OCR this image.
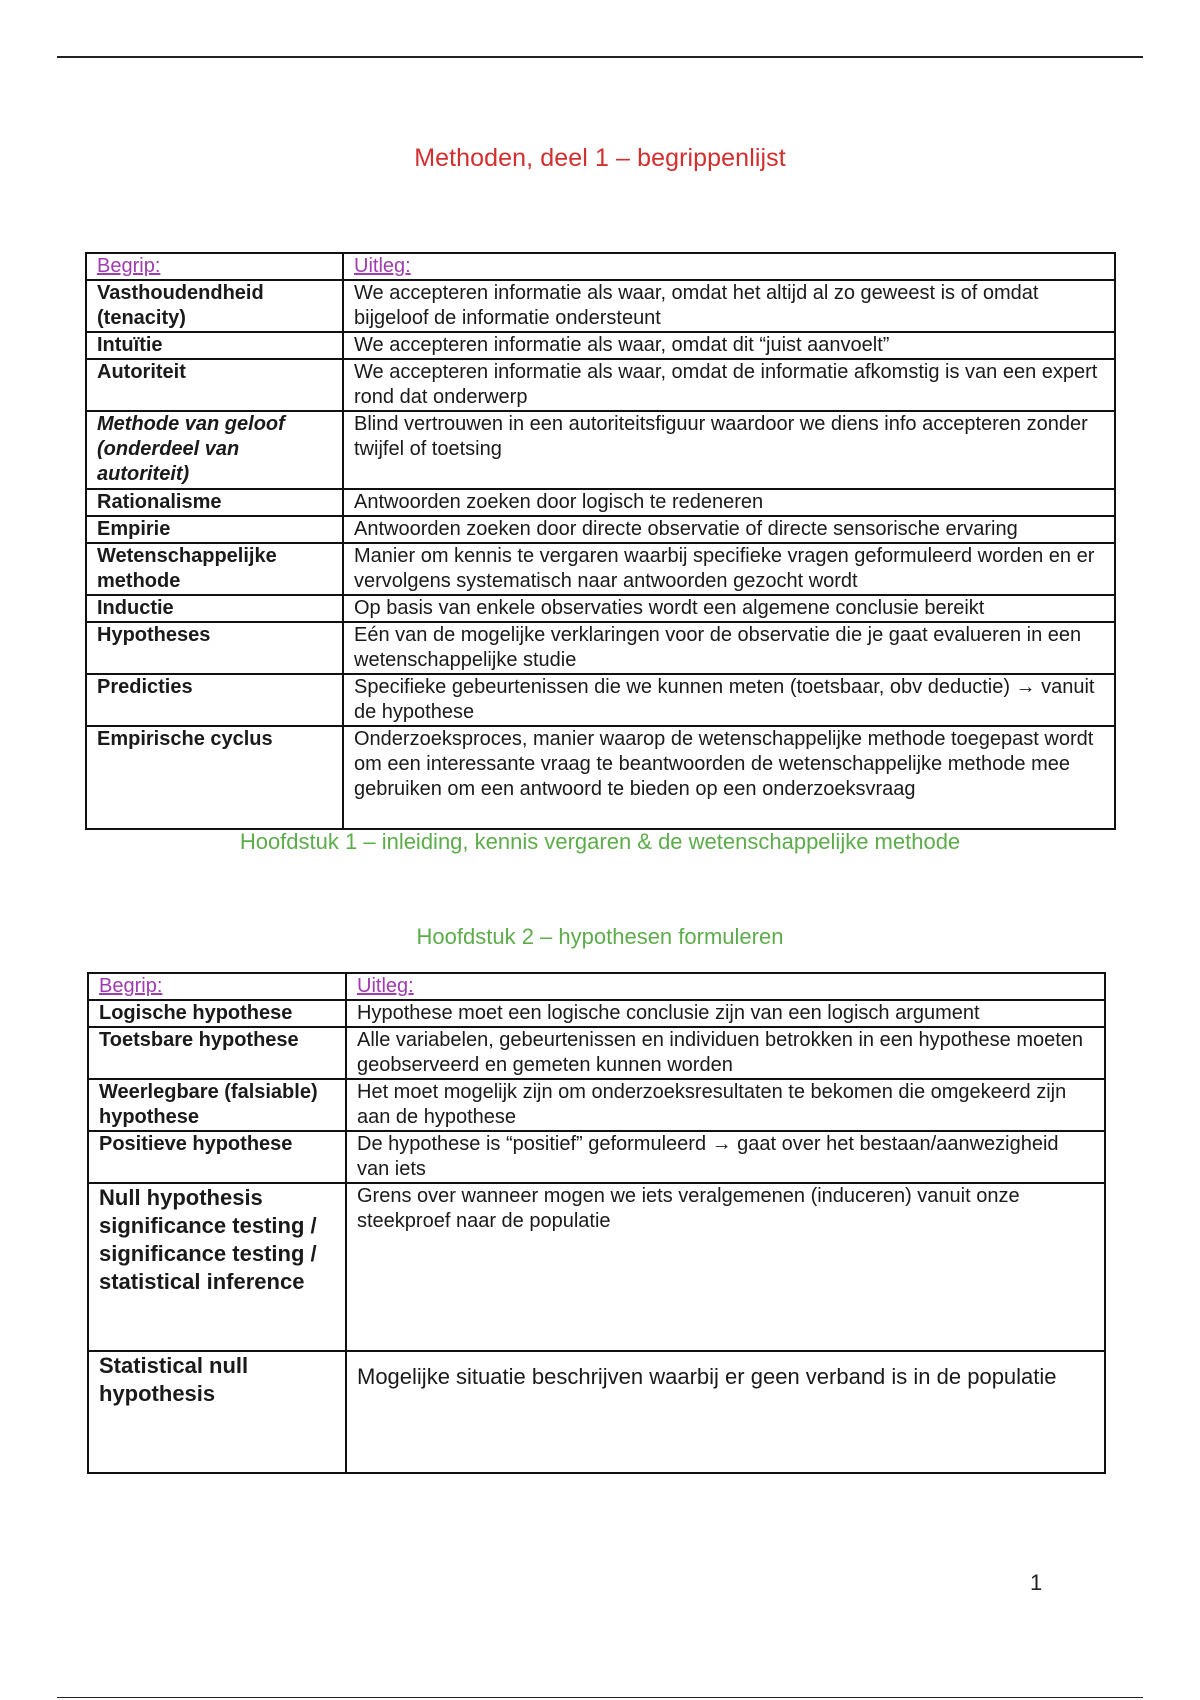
Methoden, deel 1 – begrippenlijst
Begrip:	Uitleg:
Vasthoudendheid (tenacity)	We accepteren informatie als waar, omdat het altijd al zo geweest is of omdat bijgeloof de informatie ondersteunt
Intuïtie	We accepteren informatie als waar, omdat dit “juist aanvoelt”
Autoriteit	We accepteren informatie als waar, omdat de informatie afkomstig is van een expert rond dat onderwerp
Methode van geloof (onderdeel van autoriteit)	Blind vertrouwen in een autoriteitsfiguur waardoor we diens info accepteren zonder twijfel of toetsing
Rationalisme	Antwoorden zoeken door logisch te redeneren
Empirie	Antwoorden zoeken door directe observatie of directe sensorische ervaring
Wetenschappelijke methode	Manier om kennis te vergaren waarbij specifieke vragen geformuleerd worden en er vervolgens systematisch naar antwoorden gezocht wordt
Inductie	Op basis van enkele observaties wordt een algemene conclusie bereikt
Hypotheses	Eén van de mogelijke verklaringen voor de observatie die je gaat evalueren in een wetenschappelijke studie
Predicties	Specifieke gebeurtenissen die we kunnen meten (toetsbaar, obv deductie) → vanuit de hypothese
Empirische cyclus	Onderzoeksproces, manier waarop de wetenschappelijke methode toegepast wordt om een interessante vraag te beantwoorden de wetenschappelijke methode mee gebruiken om een antwoord te bieden op een onderzoeksvraag
Hoofdstuk 1 – inleiding, kennis vergaren & de wetenschappelijke methode
Hoofdstuk 2 – hypothesen formuleren
Begrip:	Uitleg:
Logische hypothese	Hypothese moet een logische conclusie zijn van een logisch argument
Toetsbare hypothese	Alle variabelen, gebeurtenissen en individuen betrokken in een hypothese moeten geobserveerd en gemeten kunnen worden
Weerlegbare (falsiable) hypothese	Het moet mogelijk zijn om onderzoeksresultaten te bekomen die omgekeerd zijn aan de hypothese
Positieve hypothese	De hypothese is “positief” geformuleerd → gaat over het bestaan/aanwezigheid van iets
Null hypothesis significance testing / significance testing / statistical inference	Grens over wanneer mogen we iets veralgemenen (induceren) vanuit onze steekproef naar de populatie
Statistical null hypothesis	Mogelijke situatie beschrijven waarbij er geen verband is in de populatie
1
